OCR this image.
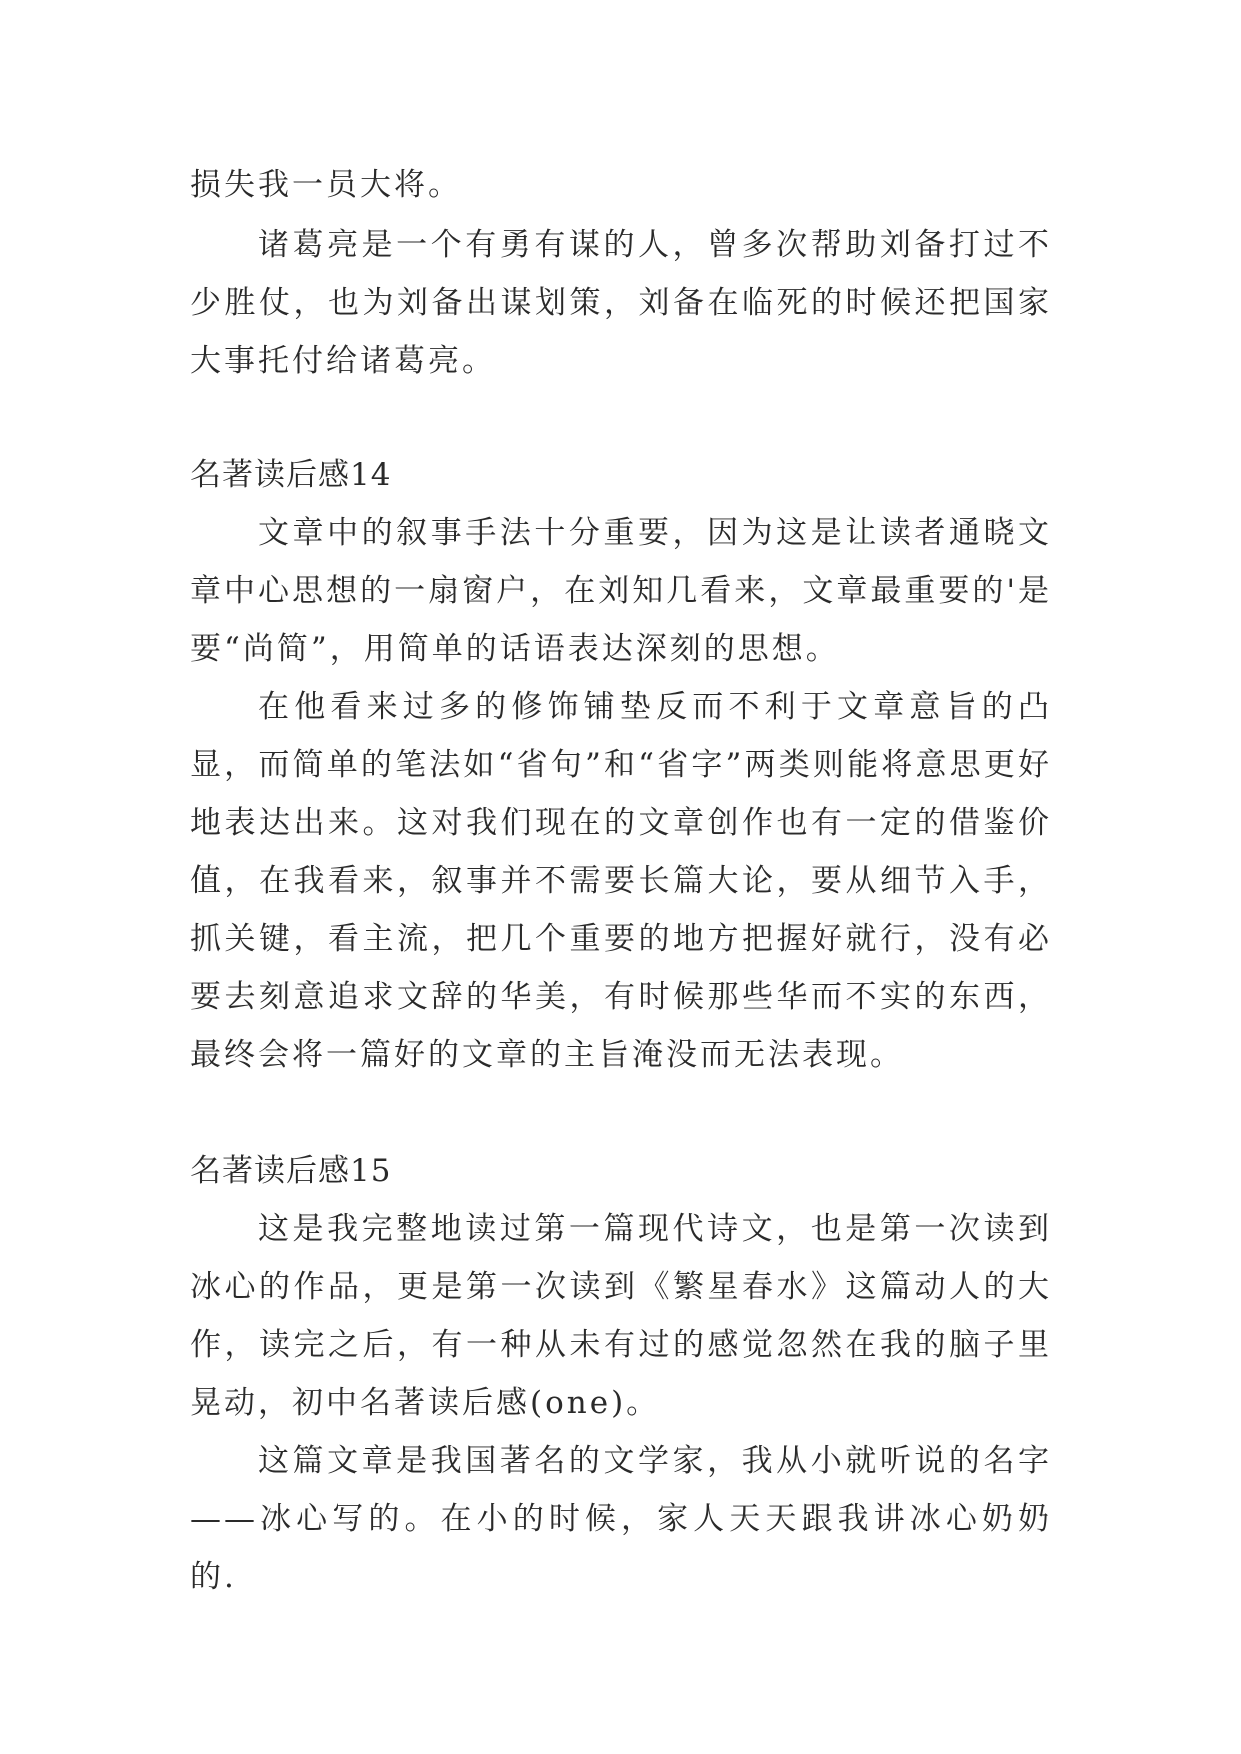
损失我一员大将。

诸葛亮是一个有勇有谋的人，曾多次帮助刘备打过不少胜仗，也为刘备出谋划策，刘备在临死的时候还把国家大事托付给诸葛亮。

名著读后感14

文章中的叙事手法十分重要，因为这是让读者通晓文章中心思想的一扇窗户，在刘知几看来，文章最重要的'是要“尚简”，用简单的话语表达深刻的思想。

在他看来过多的修饰铺垫反而不利于文章意旨的凸显，而简单的笔法如“省句”和“省字”两类则能将意思更好地表达出来。这对我们现在的文章创作也有一定的借鉴价值，在我看来，叙事并不需要长篇大论，要从细节入手，抓关键，看主流，把几个重要的地方把握好就行，没有必要去刻意追求文辞的华美，有时候那些华而不实的东西，最终会将一篇好的文章的主旨淹没而无法表现。

名著读后感15

这是我完整地读过第一篇现代诗文，也是第一次读到冰心的作品，更是第一次读到《繁星春水》这篇动人的大作，读完之后，有一种从未有过的感觉忽然在我的脑子里晃动，初中名著读后感(one)。

这篇文章是我国著名的文学家，我从小就听说的名字——冰心写的。在小的时候，家人天天跟我讲冰心奶奶的.
